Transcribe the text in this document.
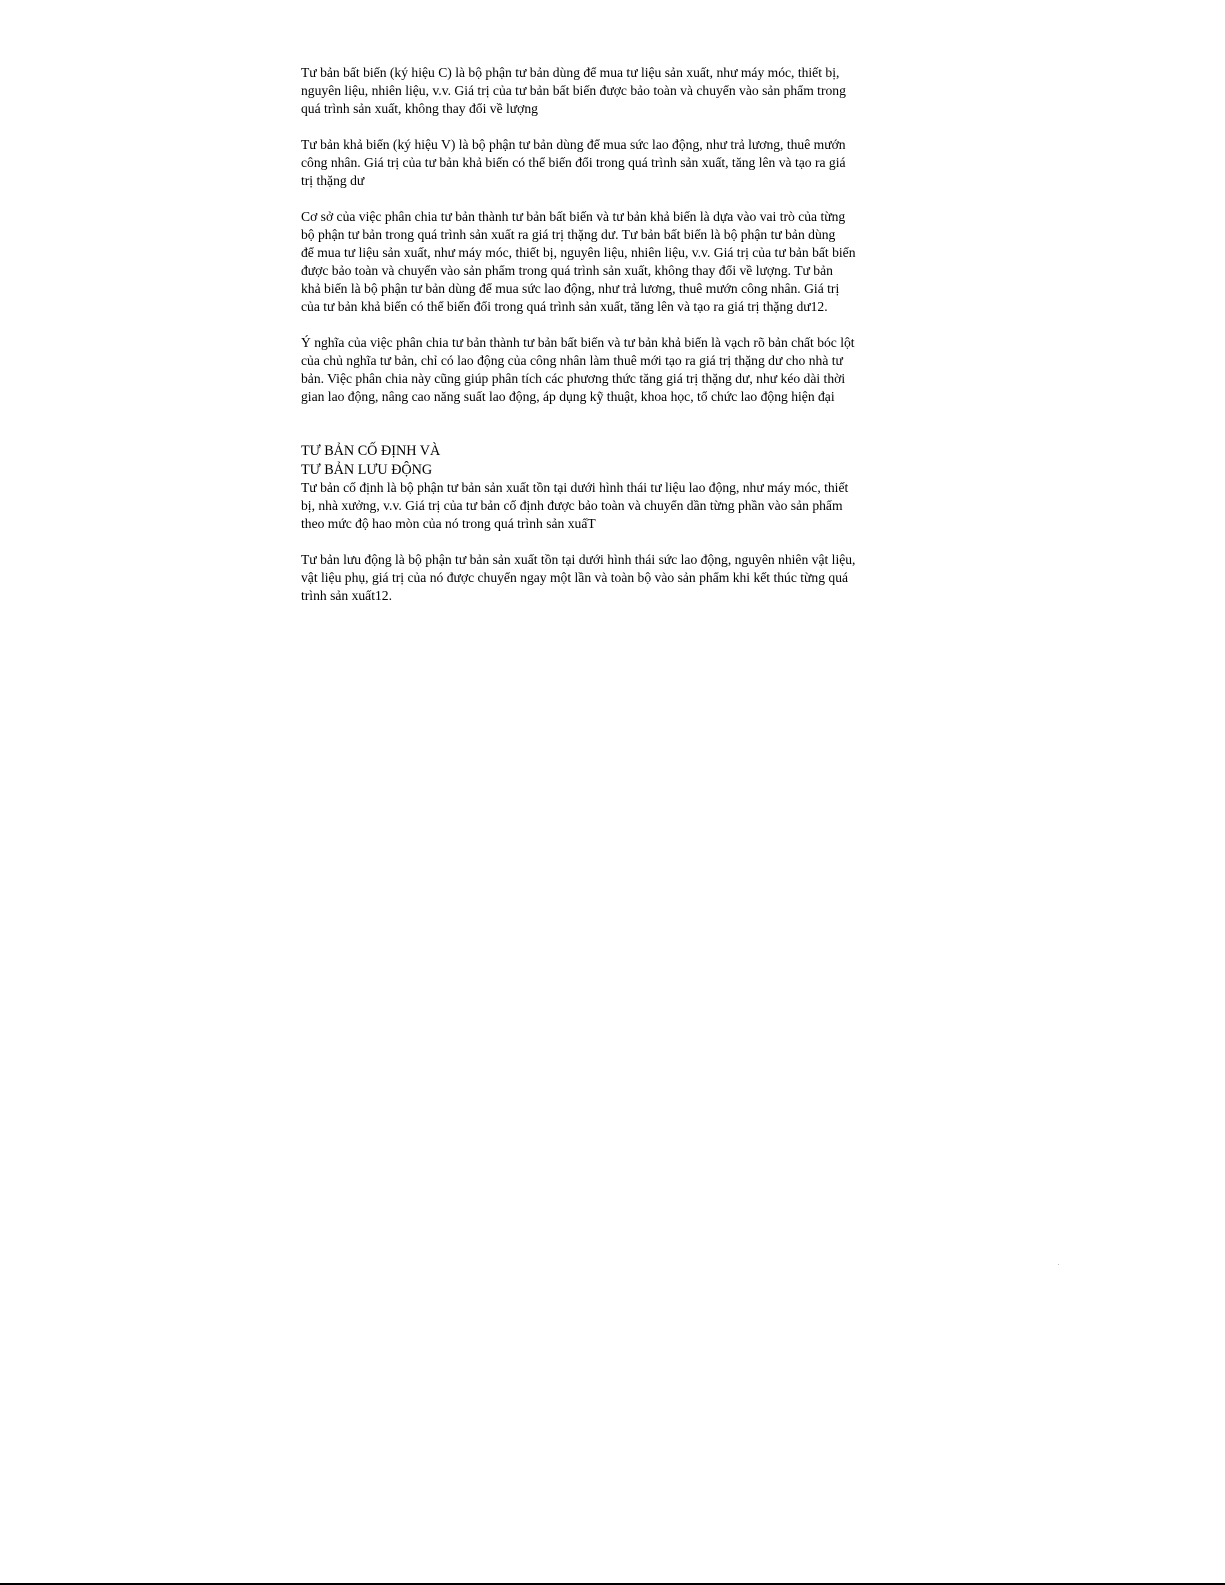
Tư bản bất biến (ký hiệu C) là bộ phận tư bản dùng để mua tư liệu sản xuất, như máy móc, thiết bị,
nguyên liệu, nhiên liệu, v.v. Giá trị của tư bản bất biến được bảo toàn và chuyển vào sản phẩm trong
quá trình sản xuất, không thay đổi về lượng

Tư bản khả biến (ký hiệu V) là bộ phận tư bản dùng để mua sức lao động, như trả lương, thuê mướn
công nhân. Giá trị của tư bản khả biến có thể biến đổi trong quá trình sản xuất, tăng lên và tạo ra giá
trị thặng dư

Cơ sở của việc phân chia tư bản thành tư bản bất biến và tư bản khả biến là dựa vào vai trò của từng
bộ phận tư bản trong quá trình sản xuất ra giá trị thặng dư. Tư bản bất biến là bộ phận tư bản dùng
để mua tư liệu sản xuất, như máy móc, thiết bị, nguyên liệu, nhiên liệu, v.v. Giá trị của tư bản bất biến
được bảo toàn và chuyển vào sản phẩm trong quá trình sản xuất, không thay đổi về lượng. Tư bản
khả biến là bộ phận tư bản dùng để mua sức lao động, như trả lương, thuê mướn công nhân. Giá trị
của tư bản khả biến có thể biến đổi trong quá trình sản xuất, tăng lên và tạo ra giá trị thặng dư12.

Ý nghĩa của việc phân chia tư bản thành tư bản bất biến và tư bản khả biến là vạch rõ bản chất bóc lột
của chủ nghĩa tư bản, chỉ có lao động của công nhân làm thuê mới tạo ra giá trị thặng dư cho nhà tư
bản. Việc phân chia này cũng giúp phân tích các phương thức tăng giá trị thặng dư, như kéo dài thời
gian lao động, nâng cao năng suất lao động, áp dụng kỹ thuật, khoa học, tổ chức lao động hiện đại

TƯ BẢN CỐ ĐỊNH VÀ
TƯ BẢN LƯU ĐỘNG

Tư bản cố định là bộ phận tư bản sản xuất tồn tại dưới hình thái tư liệu lao động, như máy móc, thiết
bị, nhà xưởng, v.v. Giá trị của tư bản cố định được bảo toàn và chuyển dần từng phần vào sản phẩm
theo mức độ hao mòn của nó trong quá trình sản xuấT

Tư bản lưu động là bộ phận tư bản sản xuất tồn tại dưới hình thái sức lao động, nguyên nhiên vật liệu,
vật liệu phụ, giá trị của nó được chuyển ngay một lần và toàn bộ vào sản phẩm khi kết thúc từng quá
trình sản xuất12.
